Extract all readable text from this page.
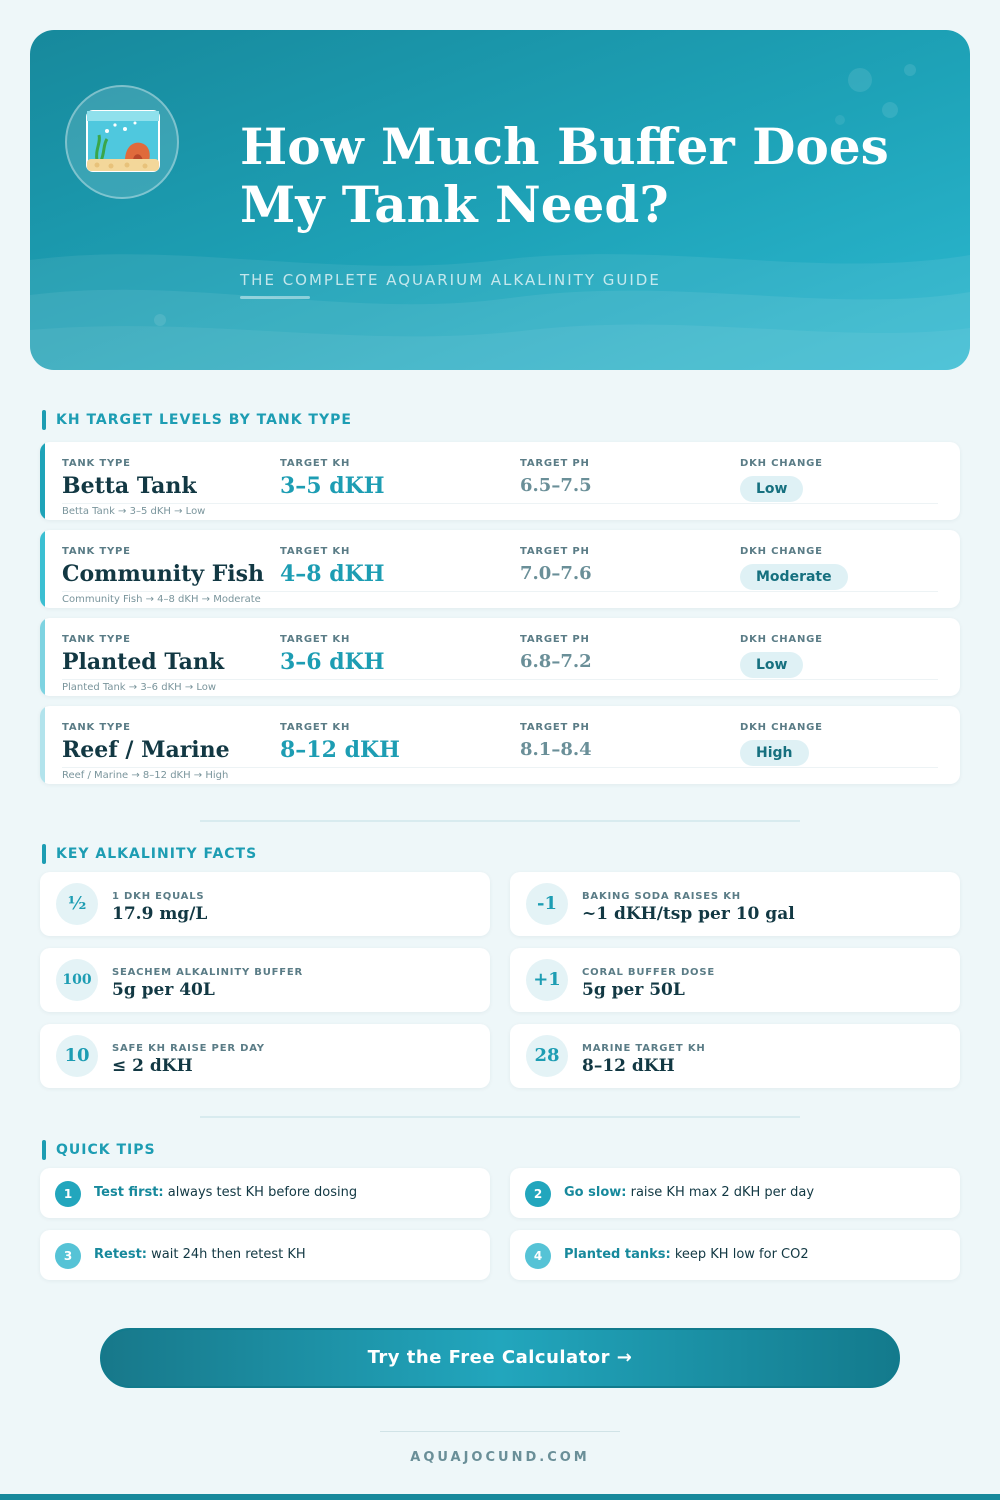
How Much Buffer Does
My Tank Need?
THE COMPLETE AQUARIUM ALKALINITY GUIDE
KH TARGET LEVELS BY TANK TYPE
TANK TYPE
Betta Tank
TARGET KH
3–5 dKH
TARGET PH
6.5–7.5
DKH CHANGE
Low
Betta Tank → 3–5 dKH → Low
TANK TYPE
Community Fish
TARGET KH
4–8 dKH
TARGET PH
7.0–7.6
DKH CHANGE
Moderate
Community Fish → 4–8 dKH → Moderate
TANK TYPE
Planted Tank
TARGET KH
3–6 dKH
TARGET PH
6.8–7.2
DKH CHANGE
Low
Planted Tank → 3–6 dKH → Low
TANK TYPE
Reef / Marine
TARGET KH
8–12 dKH
TARGET PH
8.1–8.4
DKH CHANGE
High
Reef / Marine → 8–12 dKH → High
KEY ALKALINITY FACTS
½	1 DKH EQUALS
17.9 mg/L	-1	BAKING SODA RAISES KH
~1 dKH/tsp per 10 gal
100	SEACHEM ALKALINITY BUFFER
5g per 40L	+1	CORAL BUFFER DOSE
5g per 50L
10	SAFE KH RAISE PER DAY
≤ 2 dKH	28	MARINE TARGET KH
8–12 dKH
QUICK TIPS
1	Test first: always test KH before dosing	2	Go slow: raise KH max 2 dKH per day
3	Retest: wait 24h then retest KH	4	Planted tanks: keep KH low for CO2
Try the Free Calculator →
AQUAJOCUND.COM
